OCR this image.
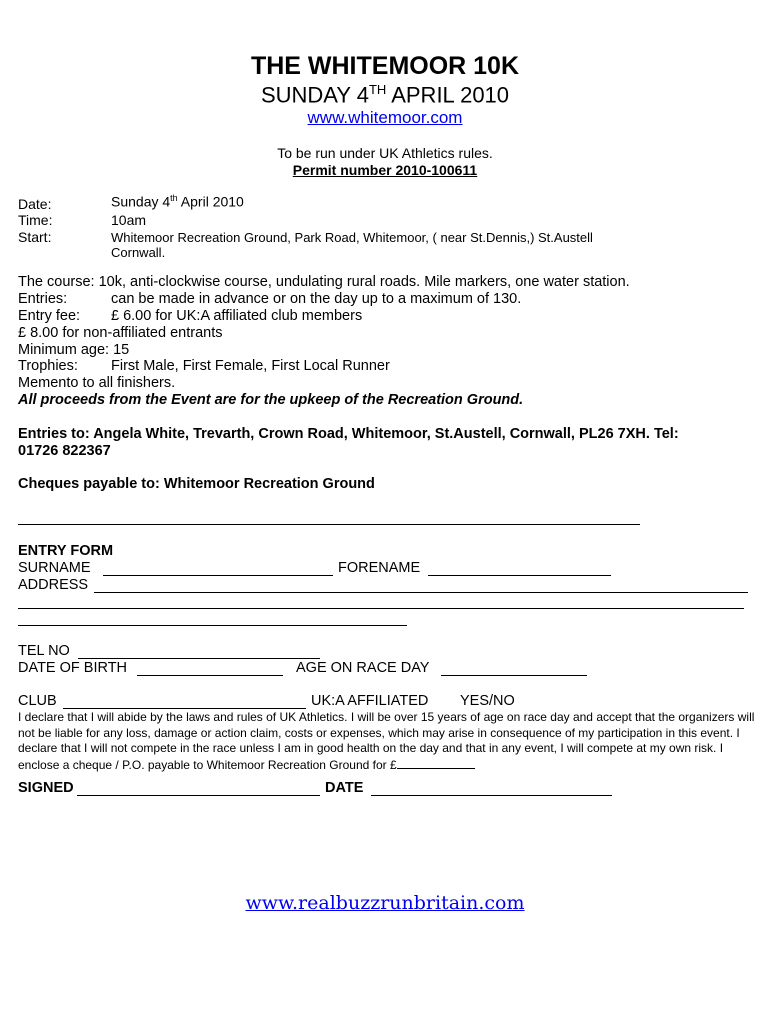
THE WHITEMOOR 10K
SUNDAY 4TH APRIL 2010
www.whitemoor.com
To be run under UK Athletics rules.
Permit number 2010-100611
Date:	Sunday 4th April 2010
Time:	10am
Start:	Whitemoor Recreation Ground, Park Road, Whitemoor, ( near St.Dennis,) St.Austell
Cornwall.
The course: 10k, anti-clockwise course, undulating rural roads. Mile markers, one water station.
Entries:	can be made in advance or on the day up to a maximum of 130.
Entry fee: £ 6.00 for UK:A affiliated club members
£ 8.00 for non-affiliated entrants
Minimum age: 15
Trophies: First Male, First Female, First Local Runner
Memento to all finishers.
All proceeds from the Event are for the upkeep of the Recreation Ground.
Entries to: Angela White, Trevarth, Crown Road, Whitemoor, St.Austell, Cornwall, PL26 7XH. Tel:
01726 822367
Cheques payable to: Whitemoor Recreation Ground
ENTRY FORM
SURNAME	FORENAME
ADDRESS
TEL NO
DATE OF BIRTH	AGE ON RACE DAY
CLUB	UK:A AFFILIATED YES/NO
I declare that I will abide by the laws and rules of UK Athletics. I will be over 15 years of age on race day and accept that the organizers will not be liable for any loss, damage or action claim, costs or expenses, which may arise in consequence of my participation in this event. I declare that I will not compete in the race unless I am in good health on the day and that in any event, I will compete at my own risk. I enclose a cheque / P.O. payable to Whitemoor Recreation Ground for £
SIGNED	DATE
www.realbuzzrunbritain.com
